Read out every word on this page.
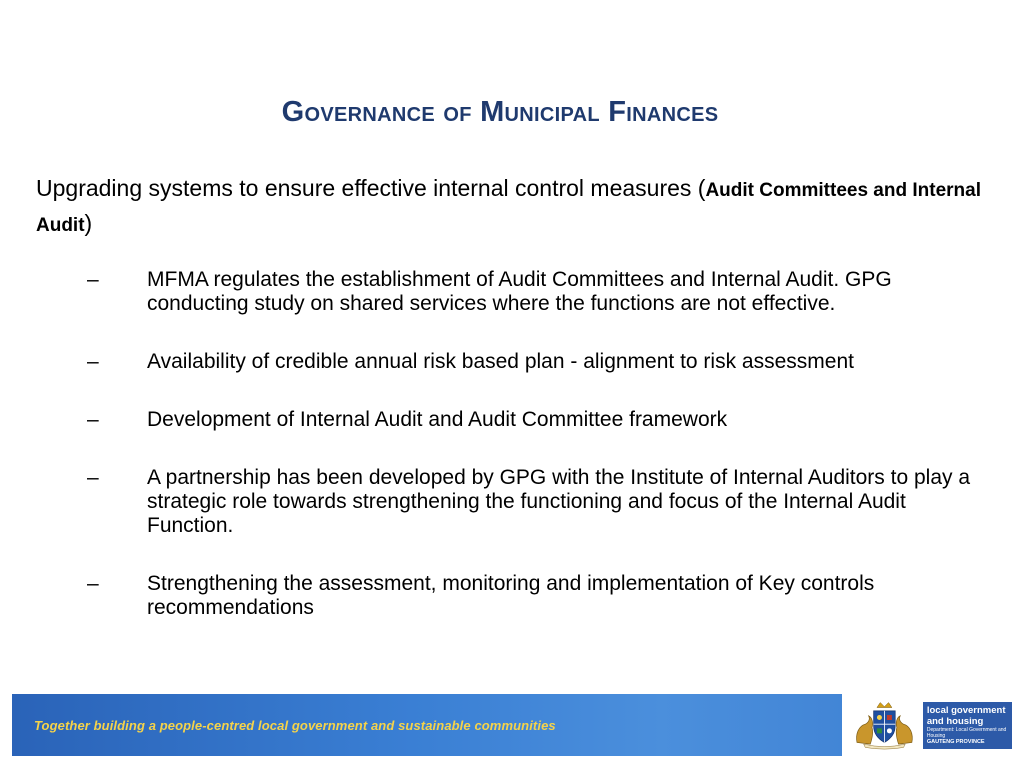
Governance of Municipal Finances
Upgrading systems to ensure effective internal control measures (Audit Committees and Internal Audit)
–	MFMA regulates the establishment of Audit Committees and Internal Audit. GPG conducting study on shared services where the functions are not effective.
–	Availability of credible annual risk based plan - alignment to risk assessment
–	Development of Internal Audit and Audit Committee framework
–	A partnership has been developed by GPG with the Institute of Internal Auditors to play a strategic role towards strengthening the functioning and focus of the Internal Audit Function.
–	Strengthening the assessment, monitoring and implementation of Key controls recommendations
Together building a people-centred local government and sustainable communities
local government
and housing
Department: Local Government and Housing
GAUTENG PROVINCE
